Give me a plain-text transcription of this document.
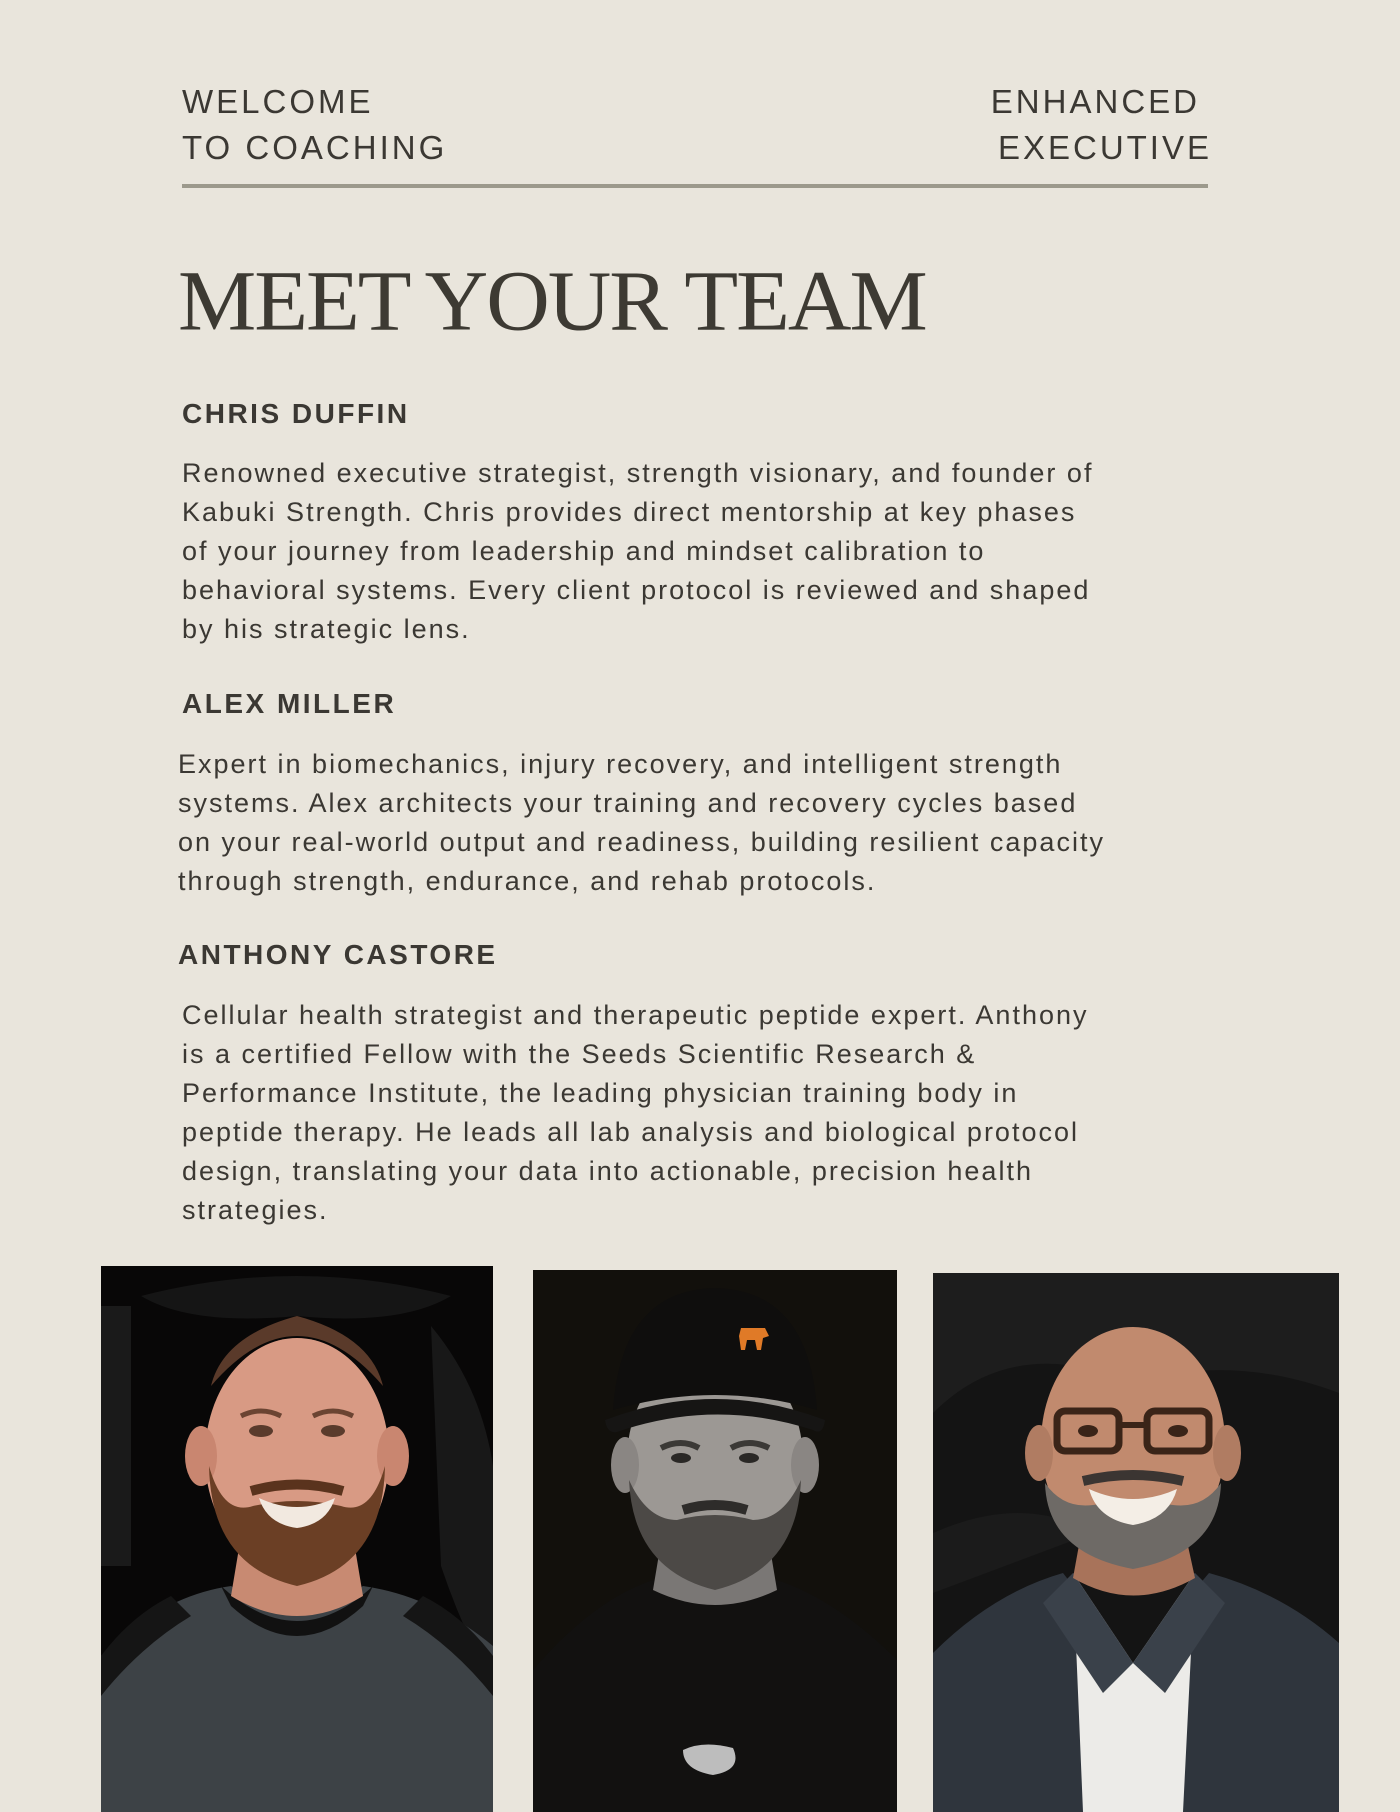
WELCOME
TO COACHING
ENHANCED
EXECUTIVE
MEET YOUR TEAM
CHRIS DUFFIN
Renowned executive strategist, strength visionary, and founder of
Kabuki Strength. Chris provides direct mentorship at key phases
of your journey from leadership and mindset calibration to
behavioral systems. Every client protocol is reviewed and shaped
by his strategic lens.
ALEX MILLER
Expert in biomechanics, injury recovery, and intelligent strength
systems. Alex architects your training and recovery cycles based
on your real-world output and readiness, building resilient capacity
through strength, endurance, and rehab protocols.
ANTHONY CASTORE
Cellular health strategist and therapeutic peptide expert. Anthony
is a certified Fellow with the Seeds Scientific Research &
Performance Institute, the leading physician training body in
peptide therapy. He leads all lab analysis and biological protocol
design, translating your data into actionable, precision health
strategies.
